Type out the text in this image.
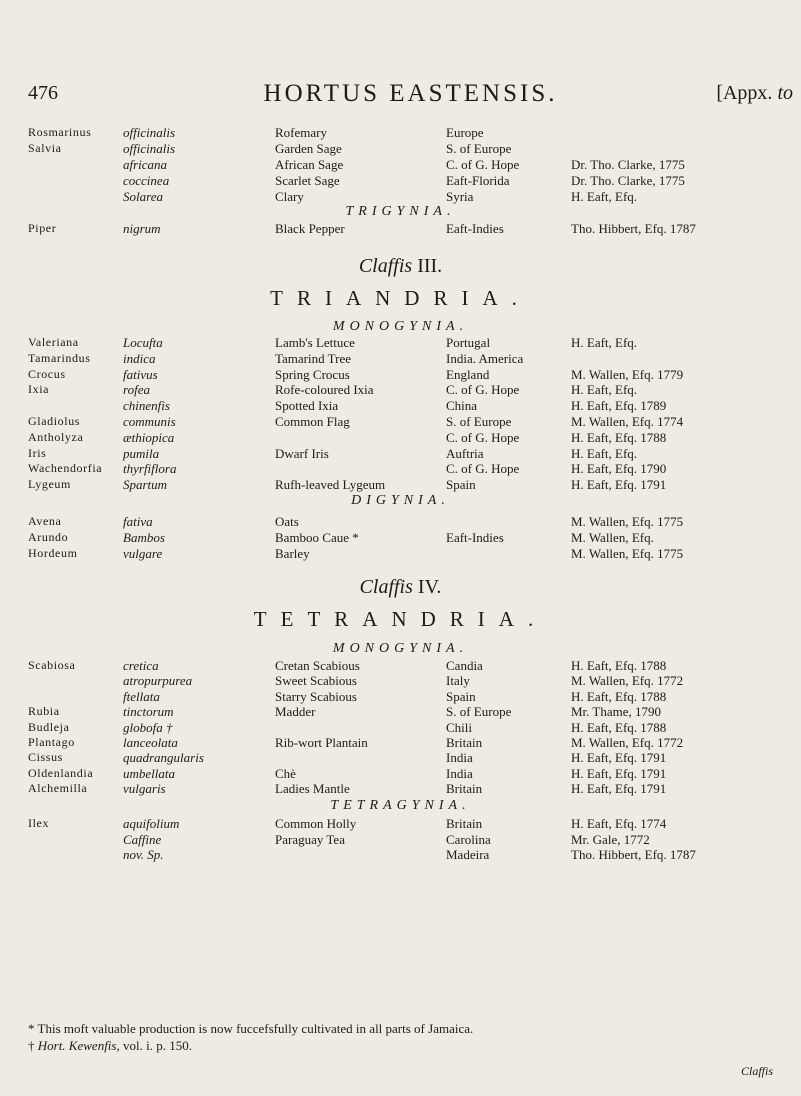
476	HORTUS EASTENSIS.	[Appx. to
Rosmarinus officinalis	Rofemary	Europe
Salvia	officinalis	Garden Sage	S. of Europe
africana	African Sage	C. of G. Hope	Dr. Tho. Clarke, 1775
coccinea	Scarlet Sage	Eaft-Florida	Dr. Tho. Clarke, 1775
Solarea	Clary	Syria	H. Eaft, Efq.
TRIGYNIA.
Piper	nigrum	Black Pepper	Eaft-Indies	Tho. Hibbert, Efq. 1787
Claffis III.
TRIANDRIA.
MONOGYNIA.
Valeriana	Locufta	Lamb's Lettuce	Portugal	H. Eaft, Efq.
Tamarindus	indica	Tamarind Tree	India. America
Crocus	fativus	Spring Crocus	England	M. Wallen, Efq. 1779
Ixia	rofea	Rofe-coloured Ixia	C. of G. Hope	H. Eaft, Efq.
chinenfis	Spotted Ixia	China	H. Eaft, Efq. 1789
Gladiolus	communis	Common Flag	S. of Europe	M. Wallen, Efq. 1774
Antholyza	æthiopica	C. of G. Hope	H. Eaft, Efq. 1788
Iris	pumila	Dwarf Iris	Auftria	H. Eaft, Efq.
Wachendorfia thyrfiflora	C. of G. Hope	H. Eaft, Efq. 1790
Lygeum	Spartum	Rufh-leaved Lygeum	Spain	H. Eaft, Efq. 1791
DIGYNIA.
Avena	fativa	Oats	M. Wallen, Efq. 1775
Arundo	Bambos	Bamboo Caue *	Eaft-Indies	M. Wallen, Efq.
Hordeum	vulgare	Barley	M. Wallen, Efq. 1775
Claffis IV.
TETRANDRIA.
MONOGYNIA.
Scabiosa	cretica	Cretan Scabious	Candia	H. Eaft, Efq. 1788
atropurpurea	Sweet Scabious	Italy	M. Wallen, Efq. 1772
ftellata	Starry Scabious	Spain	H. Eaft, Efq. 1788
Rubia	tinctorum	Madder	S. of Europe	Mr. Thame, 1790
Budleja	globofa †	Chili	H. Eaft, Efq. 1788
Plantago	lanceolata	Rib-wort Plantain	Britain	M. Wallen, Efq. 1772
Cissus	quadrangularis	India	H. Eaft, Efq. 1791
Oldenlandia umbellata	Chè	India	H. Eaft, Efq. 1791
Alchemilla	vulgaris	Ladies Mantle	Britain	H. Eaft, Efq. 1791
TETRAGYNIA.
Ilex	aquifolium	Common Holly	Britain	H. Eaft, Efq. 1774
Caffine	Paraguay Tea	Carolina	Mr. Gale, 1772
nov. Sp.	Madeira	Tho. Hibbert, Efq. 1787
* This moft valuable production is now fuccefsfully cultivated in all parts of Jamaica.
† Hort. Kewenfis, vol. i. p. 150.
Claffis
